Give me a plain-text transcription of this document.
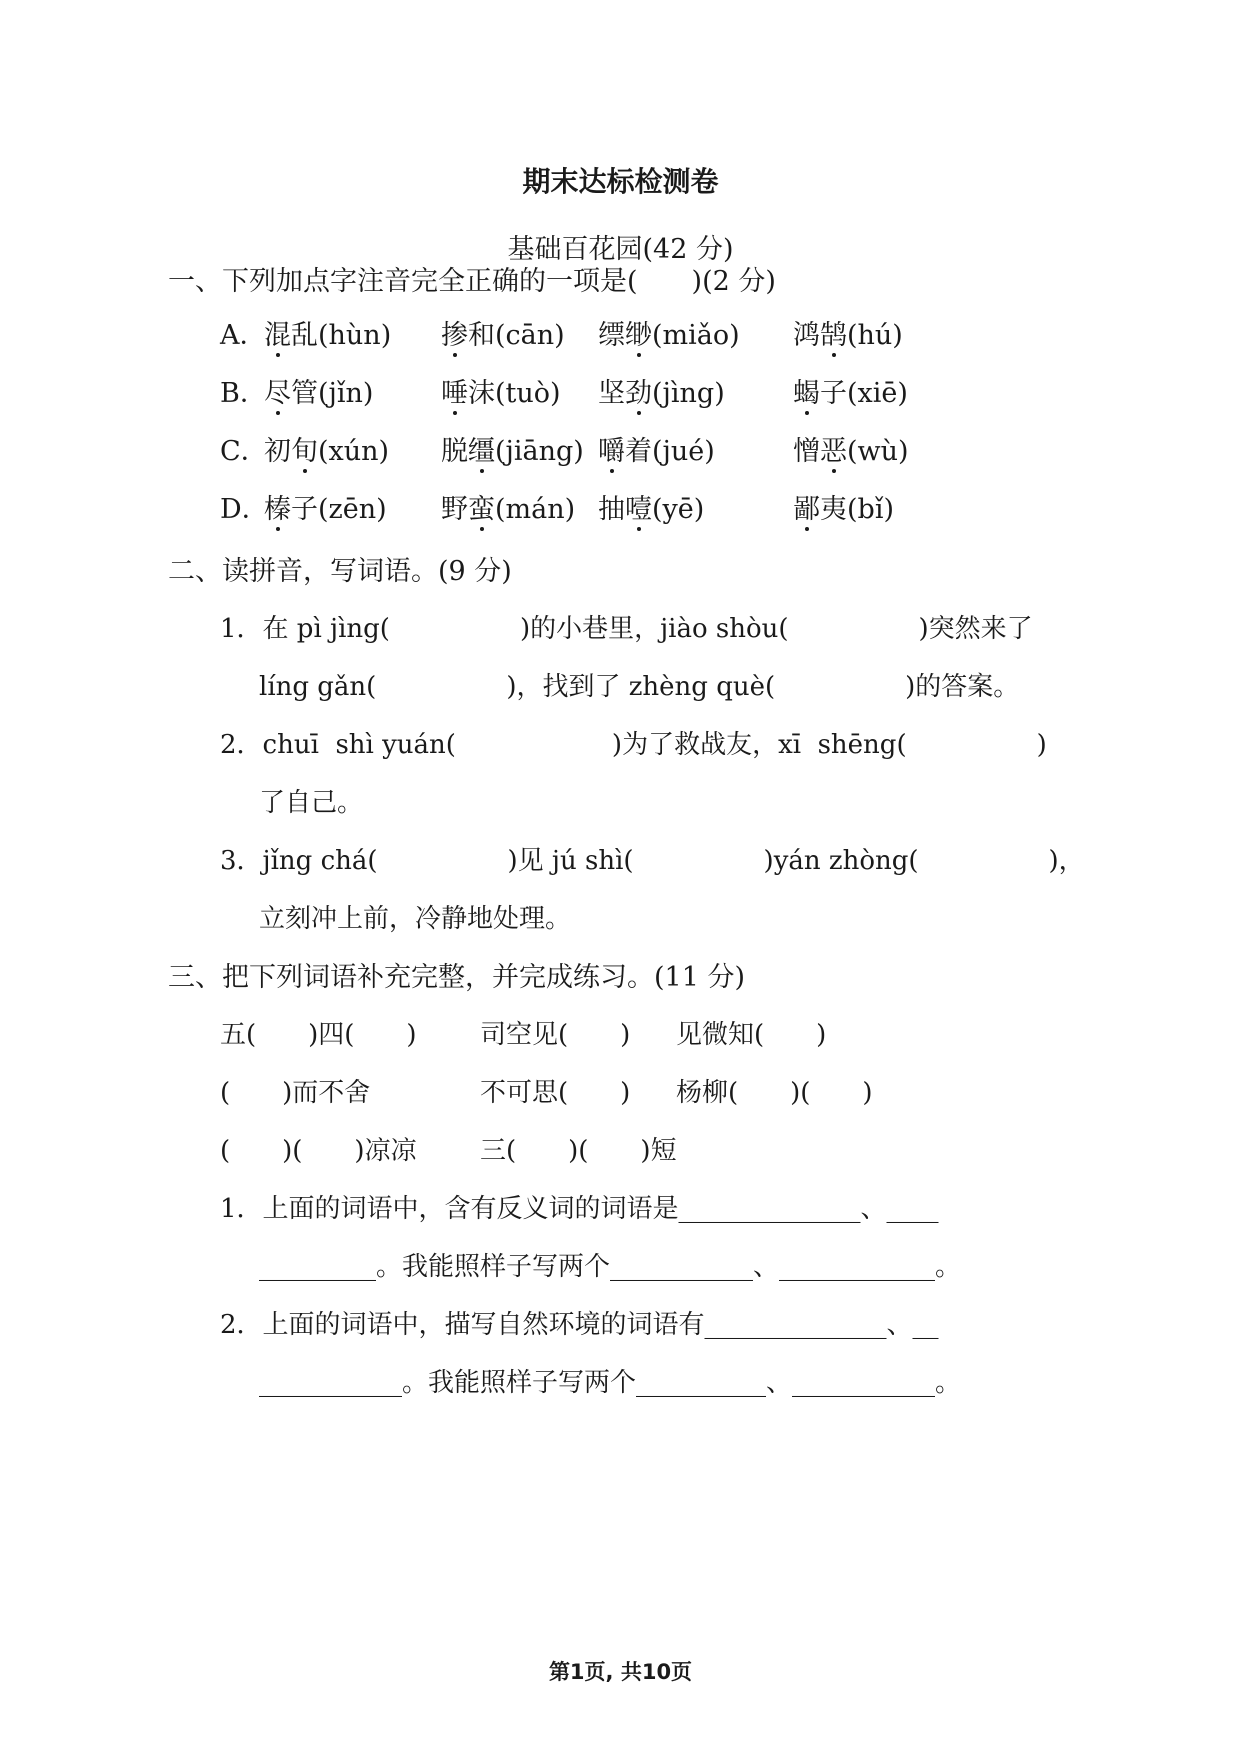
期末达标检测卷
基础百花园(42 分)
一、下列加点字注音完全正确的一项是(　　)(2 分)
A．
混乱(hùn) 掺和(cān) 缥缈(miǎo) 鸿鹄(hú)
B．
尽管(jǐn)	唾沫(tuò) 坚劲(jìng)	蝎子(xiē)
C．
初旬(xún) 脱缰(jiāng) 嚼着(jué)	憎恶(wù)
D．
榛子(zēn) 野蛮(mán) 抽噎(yē)	鄙夷(bǐ)
二、读拼音，写词语。(9 分)
1．在 pì jìng(　　　　　)的小巷里，jiào shòu(　　　　　)突然来了
líng gǎn(　　　　　)，找到了 zhèng què(　　　　　)的答案。
2．chuī  shì yuán(　　　　　　)为了救战友，xī  shēng(　　　　　)
了自己。
3．jǐng chá(　　　　　)见 jú shì(　　　　　)yán zhòng(　　　　　)，
立刻冲上前，冷静地处理。
三、把下列词语补充完整，并完成练习。(11 分)
五(　　)四(　　) 司空见(　　) 见微知(　　)
(　　)而不舍	不可思(　　) 杨柳(　　)(　　)
(　　)(　　)凉凉 三(　　)(　　)短
1．上面的词语中，含有反义词的词语是______________、____
_________。我能照样子写两个___________、____________。
2．上面的词语中，描写自然环境的词语有______________、__
___________。我能照样子写两个__________、___________。
第1页, 共10页
